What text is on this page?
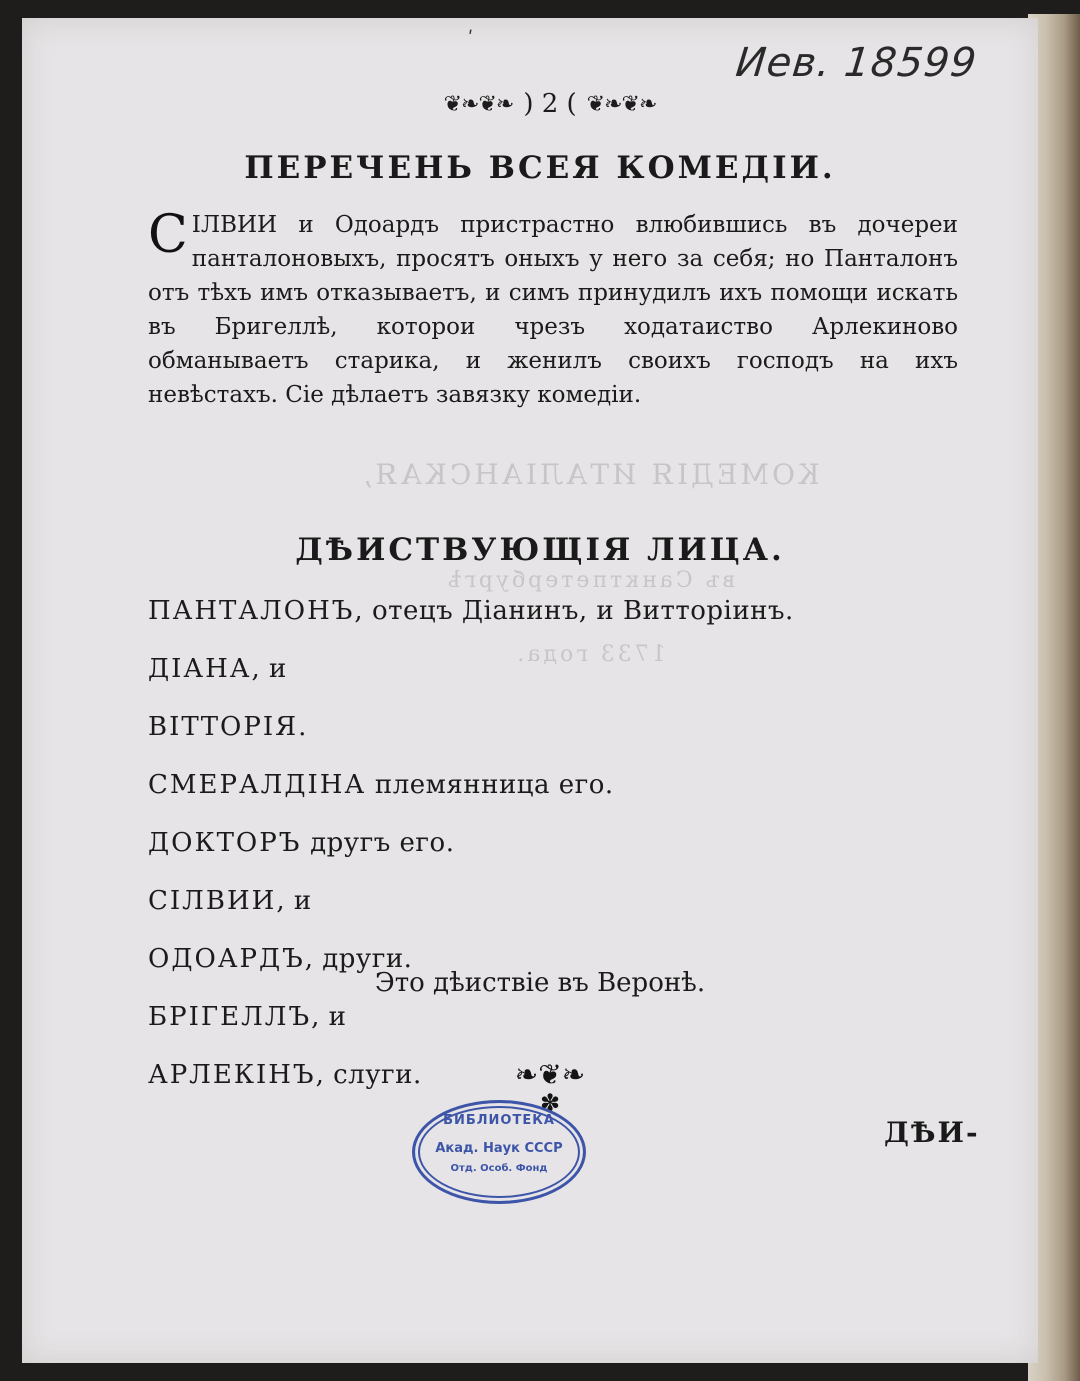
ʹ
Иев. 18599
❦❧❦❧ ) 2 ( ❦❧❦❧
ПЕРЕЧЕНЬ ВСЕЯ КОМЕДІИ.

СІЛВИИ и Одоардъ пристрастно влюбившись въ дочереи панталоновыхъ, просятъ оныхъ у него за себя; но Панталонъ отъ тѣхъ имъ отказываетъ, и симъ принудилъ ихъ помощи искать въ Бригеллѣ, которои чрезъ ходатаиство Арлекиново обманываетъ старика, и женилъ своихъ господъ на ихъ невѣстахъ. Сіе дѣлаетъ завязку комедіи.

КОМЕДІЯ ИТАЛІАНСКАЯ,

въ Санктпетербургѣ

1733 года.

ДѢИСТВУЮЩІЯ ЛИЦА.
ПАНТАЛОНЪ, отецъ Діанинъ, и Витторіинъ.
ДІАНА, и
ВІТТОРІЯ.
СМЕРАЛДІНА племянница его.
ДОКТОРЪ другъ его.
СІЛВИИ, и
ОДОАРДЪ, други.
БРІГЕЛЛЪ, и
АРЛЕКІНЪ, слуги.

Это дѣиствіе въ Веронѣ.

❧❦❧
✽
БИБЛИОТЕКА
Акад. Наук СССР
Отд. Особ. Фонд
ДѢИ-
